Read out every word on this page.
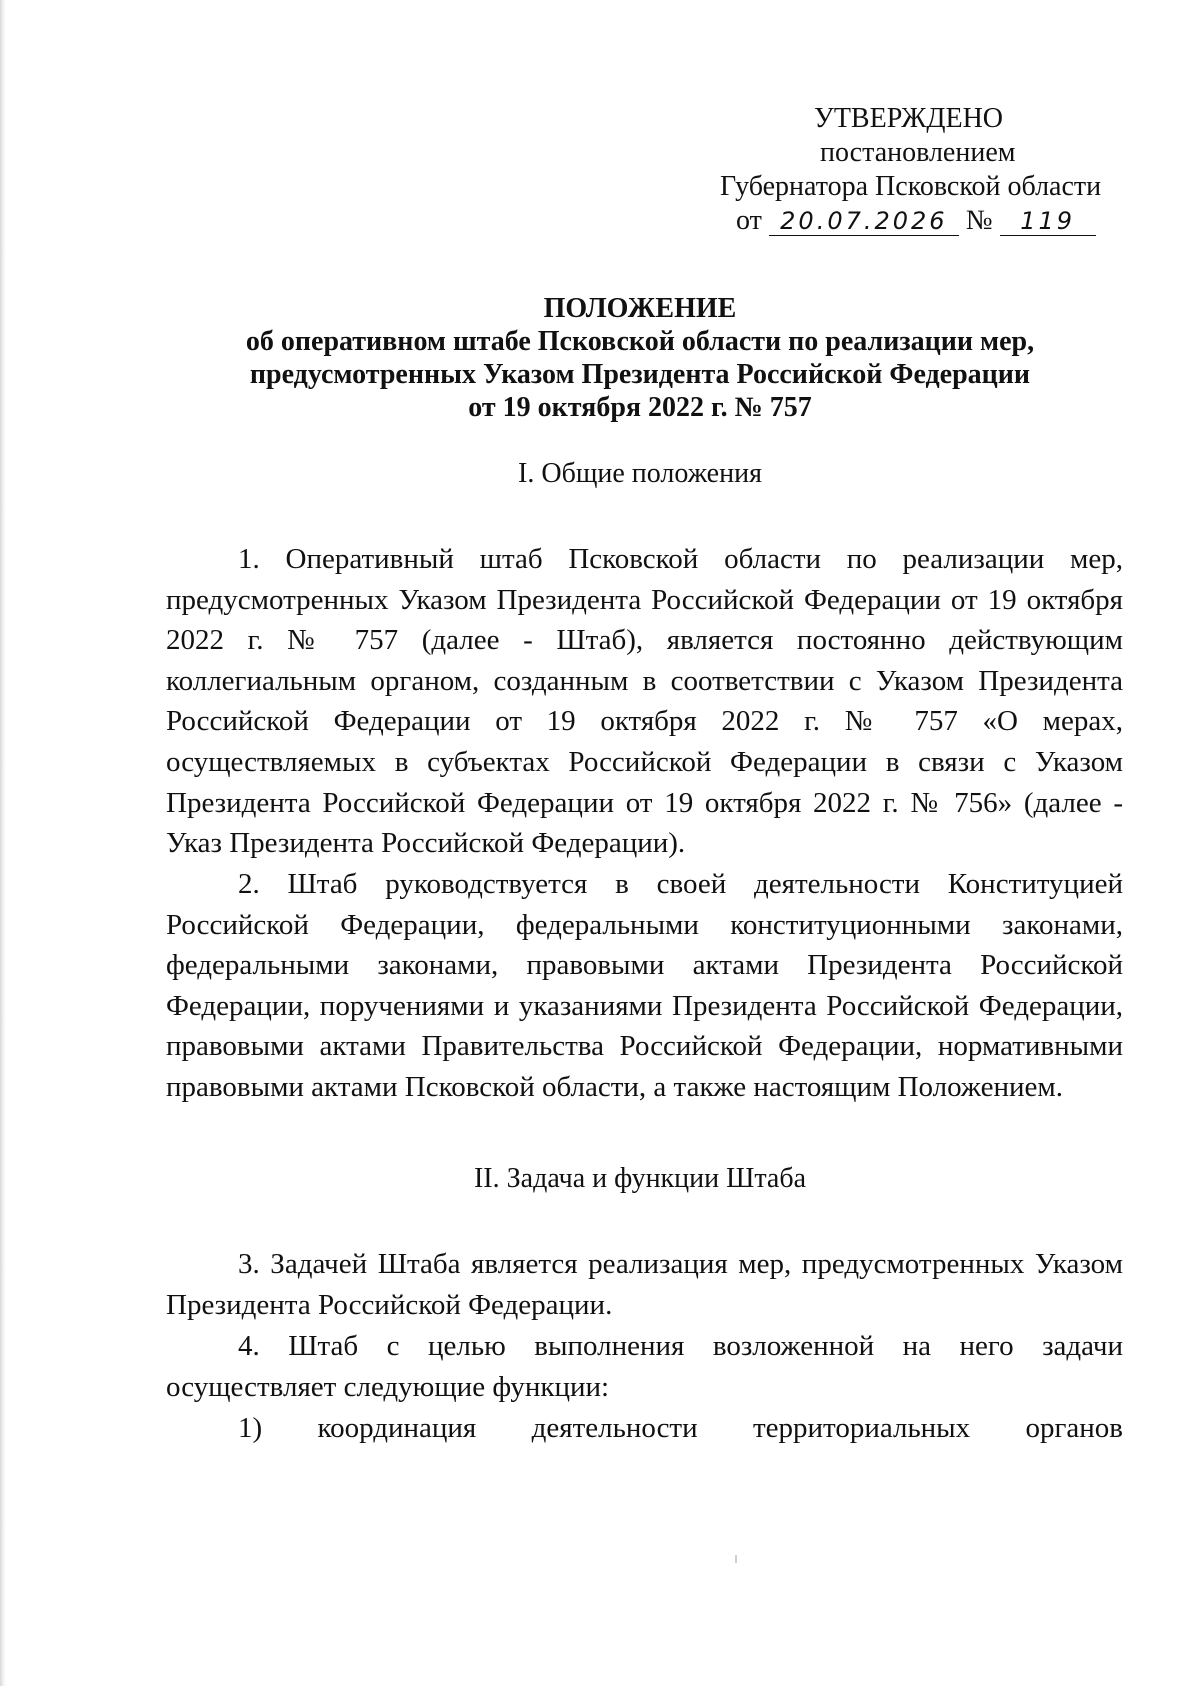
УТВЕРЖДЕНО
постановлением
Губернатора Псковской области
от 20.07.2026 № 119
ПОЛОЖЕНИЕ
об оперативном штабе Псковской области по реализации мер,
предусмотренных Указом Президента Российской Федерации
от 19 октября 2022 г. № 757
I. Общие положения

1. Оперативный штаб Псковской области по реализации мер, предусмотренных Указом Президента Российской Федерации от 19 октября 2022 г. № 757 (далее - Штаб), является постоянно действующим коллегиальным органом, созданным в соответствии с Указом Президента Российской Федерации от 19 октября 2022 г. № 757 «О мерах, осуществляемых в субъектах Российской Федерации в связи с Указом Президента Российской Федерации от 19 октября 2022 г. № 756» (далее - Указ Президента Российской Федерации).

2. Штаб руководствуется в своей деятельности Конституцией Российской Федерации, федеральными конституционными законами, федеральными законами, правовыми актами Президента Российской Федерации, поручениями и указаниями Президента Российской Федерации, правовыми актами Правительства Российской Федерации, нормативными правовыми актами Псковской области, а также настоящим Положением.

II. Задача и функции Штаба

3. Задачей Штаба является реализация мер, предусмотренных Указом Президента Российской Федерации.

4. Штаб с целью выполнения возложенной на него задачи осуществляет следующие функции:

1) координация деятельности территориальных органов
